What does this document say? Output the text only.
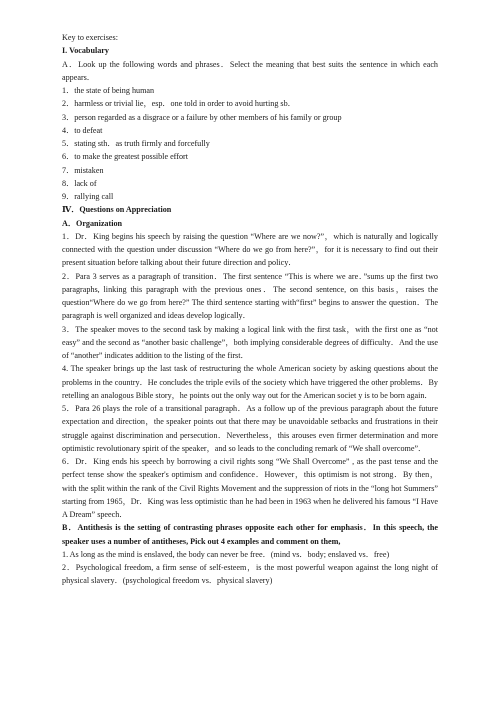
Key to exercises:

I. Vocabulary

A．Look up the following words and phrases．Select the meaning that best suits the sentence in which each appears．

1．the state of being human

2．harmless or trivial lie，esp．one told in order to avoid hurting sb．

3．person regarded as a disgrace or a failure by other members of his family or group

4．to defeat

5．stating sth．as truth firmly and forcefully

6．to make the greatest possible effort

7．mistaken

8．lack of

9．rallying call

Ⅳ．Questions on Appreciation

A．Organization

1．Dr．King begins his speech by raising the question “Where are we now?”，which is naturally and logically connected with the question under discussion “Where do we go from here?”，for it is necessary to find out their present situation before talking about their future direction and policy．

2．Para 3 serves as a paragraph of transition．The first sentence “This is where we are．”sums up the first two paragraphs, linking this paragraph with the previous ones．The second sentence, on this basis，raises the question“Where do we go from here?” The third sentence starting with“first” begins to answer the question．The paragraph is well organized and ideas develop logically．

3．The speaker moves to the second task by making a logical link with the first task，with the first one as “not easy” and the second as “another basic challenge”，both implying considerable degrees of difficulty．And the use of “another” indicates addition to the listing of the first．

4. The speaker brings up the last task of restructuring the whole American society by asking questions about the problems in the country．He concludes the triple evils of the society which have triggered the other problems．By retelling an analogous Bible story，he points out the only way out for the American societ y is to be born again．

5．Para 26 plays the role of a transitional paragraph．As a follow up of the previous paragraph about the future expectation and direction，the speaker points out that there may be unavoidable setbacks and frustrations in their struggle against discrimination and persecution．Nevertheless，this arouses even firmer determination and more optimistic revolutionary spirit of the speaker，and so leads to the concluding remark of “We shall overcome”．

6．Dr．King ends his speech by borrowing a civil rights song “We Shall Overcome” , as the past tense and the perfect tense show the speaker's optimism and confidence．However，this optimism is not strong．By then，with the split within the rank of the Civil Rights Movement and the suppression of riots in the “long hot Summers” starting from 1965，Dr．King was less optimistic than he had been in 1963 when he delivered his famous “I Have A Dream” speech．

B．Antithesis is the setting of contrasting phrases opposite each other for emphasis．In this speech, the speaker uses a number of antitheses, Pick out 4 examples and comment on them,

1. As long as the mind is enslaved, the body can never be free．(mind vs．body; enslaved vs．free)

2．Psychological freedom, a firm sense of self-esteem，is the most powerful weapon against the long night of physical slavery．(psychological freedom vs．physical slavery)
